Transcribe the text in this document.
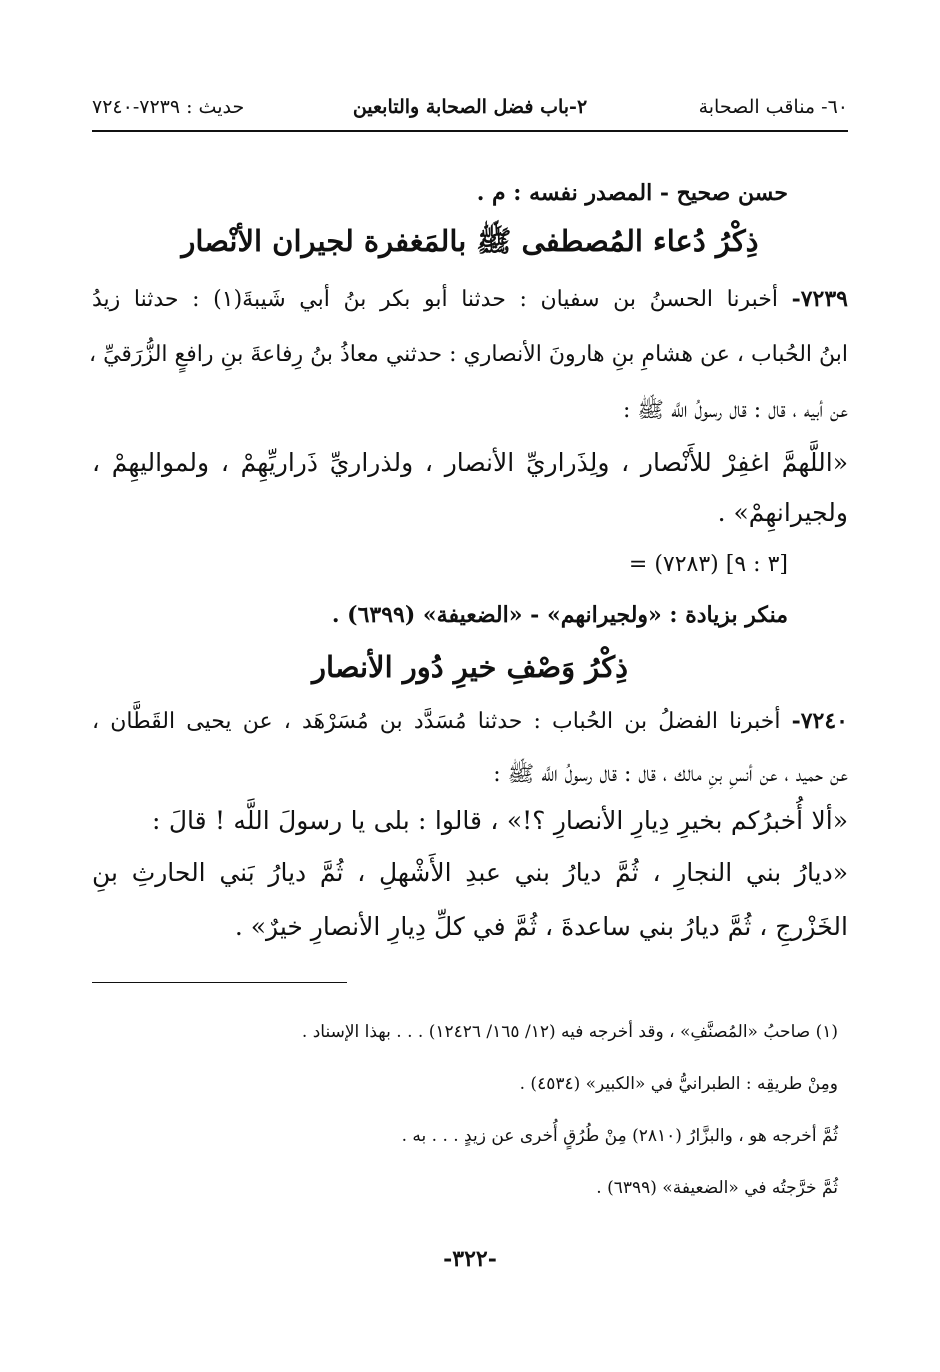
٦٠- مناقب الصحابة
٢-باب فضل الصحابة والتابعين
حديث : ٧٢٣٩-٧٢٤٠
حسن صحيح - المصدر نفسه : م .
ذِكْرُ دُعاء المُصطفى ﷺ بالمَغفرة لجيران الأنْصار
٧٢٣٩- أخبرنا الحسنُ بن سفيان : حدثنا أبو بكر بنُ أبي شَيبةَ(١) : حدثنا زيدُ
ابنُ الحُباب ، عن هشامِ بنِ هارونَ الأنصاري : حدثني معاذُ بنُ رِفاعةَ بنِ رافعٍ الزُّرَقيِّ ،
عن أبيه ، قال : قال رسولُ اللَّه ﷺ :
«اللَّهمَّ اغفِرْ للأَنْصار ، ولِذَراريِّ الأنصار ، ولذراريِّ ذَراريِّهِمْ ، ولمواليهِمْ ،
ولجيرانهِمْ» .
= (٧٢٨٣) [٣ : ٩]
منكر بزيادة : «ولجيرانهم» - «الضعيفة» (٦٣٩٩) .
ذِكْرُ وَصْفِ خيرِ دُور الأنصار
٧٢٤٠- أخبرنا الفضلُ بن الحُباب : حدثنا مُسَدَّد بن مُسَرْهَد ، عن يحيى القَطَّان ،
عن حميد ، عن أنسِ بنِ مالك ، قال : قال رسولُ اللَّه ﷺ :
«ألا أُخبرُكم بخيرِ دِيارِ الأنصارِ ؟!» ، قالوا : بلى يا رسولَ اللَّه ! قالَ :
«ديارُ بني النجارِ ، ثُمَّ ديارُ بني عبدِ الأَشْهلِ ، ثُمَّ ديارُ بَني الحارثِ بنِ
الخَزْرجِ ، ثُمَّ ديارُ بني ساعدةَ ، ثُمَّ في كلِّ دِيارِ الأنصارِ خيرٌ» .
(١) صاحبُ «المُصنَّفِ» ، وقد أخرجه فيه (١٢/ ١٦٥/ ١٢٤٢٦) . . . بهذا الإسناد .
ومِنْ طريقِه : الطبرانيُّ في «الكبير» (٤٥٣٤) .
ثُمَّ أخرجه هو ، والبزَّارُ (٢٨١٠) مِنْ طُرُقٍ أُخرى عن زيدٍ . . . به .
ثُمَّ خرَّجتُه في «الضعيفة» (٦٣٩٩) .
-٣٢٢-
